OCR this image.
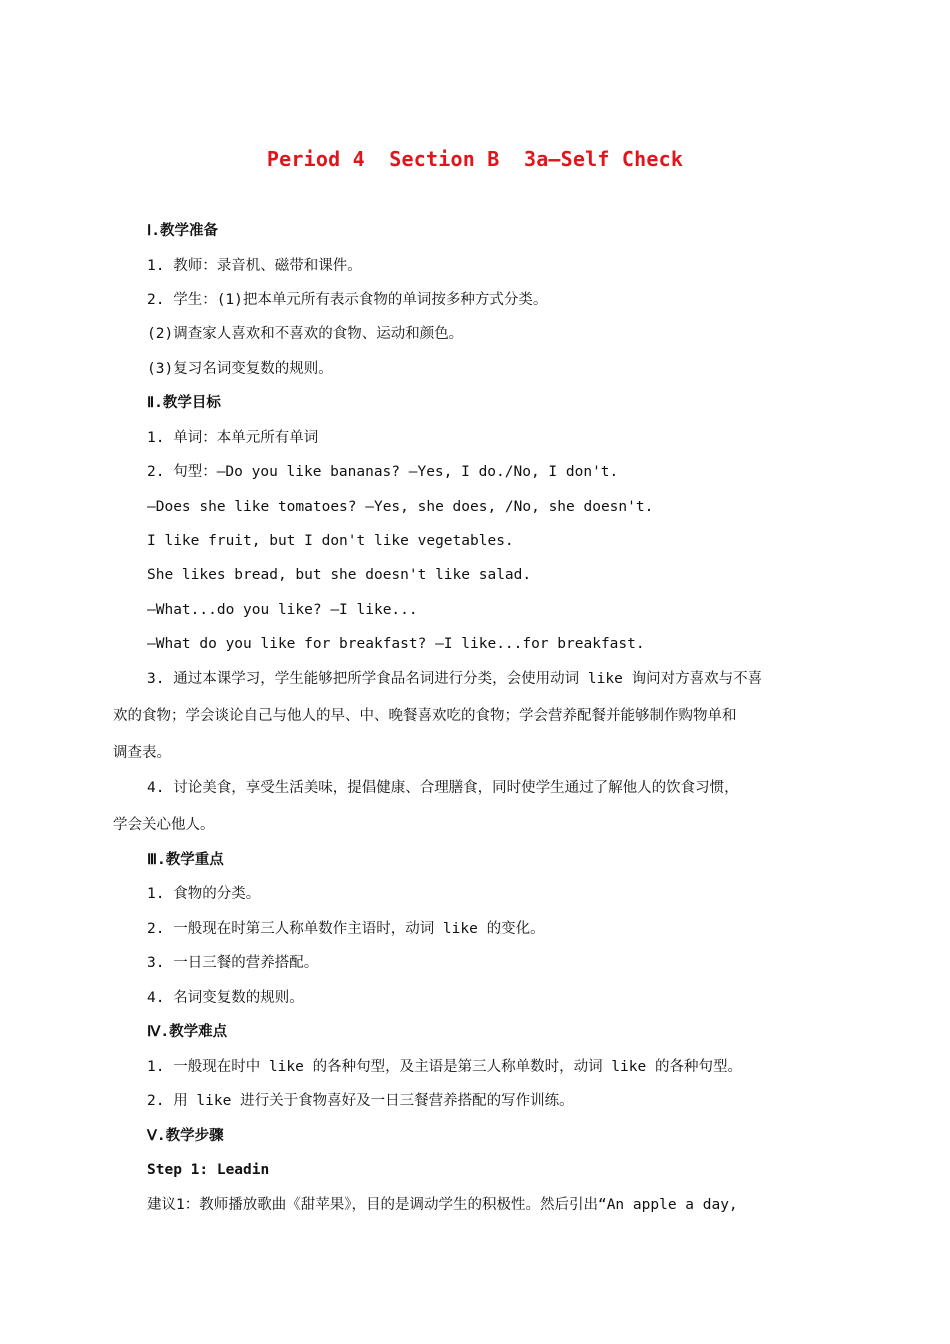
Period 4  Section B  3a—Self Check
Ⅰ.教学准备
1. 教师：录音机、磁带和课件。
2. 学生：(1)把本单元所有表示食物的单词按多种方式分类。
(2)调查家人喜欢和不喜欢的食物、运动和颜色。
(3)复习名词变复数的规则。
Ⅱ.教学目标
1. 单词：本单元所有单词
2. 句型：—Do you like bananas? —Yes, I do./No, I don't.
—Does she like tomatoes? —Yes, she does, /No, she doesn't.
I like fruit, but I don't like vegetables.
She likes bread, but she doesn't like salad.
—What...do you like? —I like...
—What do you like for breakfast? —I like...for breakfast.
3. 通过本课学习，学生能够把所学食品名词进行分类，会使用动词 like 询问对方喜欢与不喜
欢的食物；学会谈论自己与他人的早、中、晚餐喜欢吃的食物；学会营养配餐并能够制作购物单和
调查表。
4. 讨论美食，享受生活美味，提倡健康、合理膳食，同时使学生通过了解他人的饮食习惯，
学会关心他人。
Ⅲ.教学重点
1. 食物的分类。
2. 一般现在时第三人称单数作主语时，动词 like 的变化。
3. 一日三餐的营养搭配。
4. 名词变复数的规则。
Ⅳ.教学难点
1. 一般现在时中 like 的各种句型，及主语是第三人称单数时，动词 like 的各种句型。
2. 用 like 进行关于食物喜好及一日三餐营养搭配的写作训练。
Ⅴ.教学步骤
Step 1: Leadin
建议1：教师播放歌曲《甜苹果》，目的是调动学生的积极性。然后引出“An apple a day,
